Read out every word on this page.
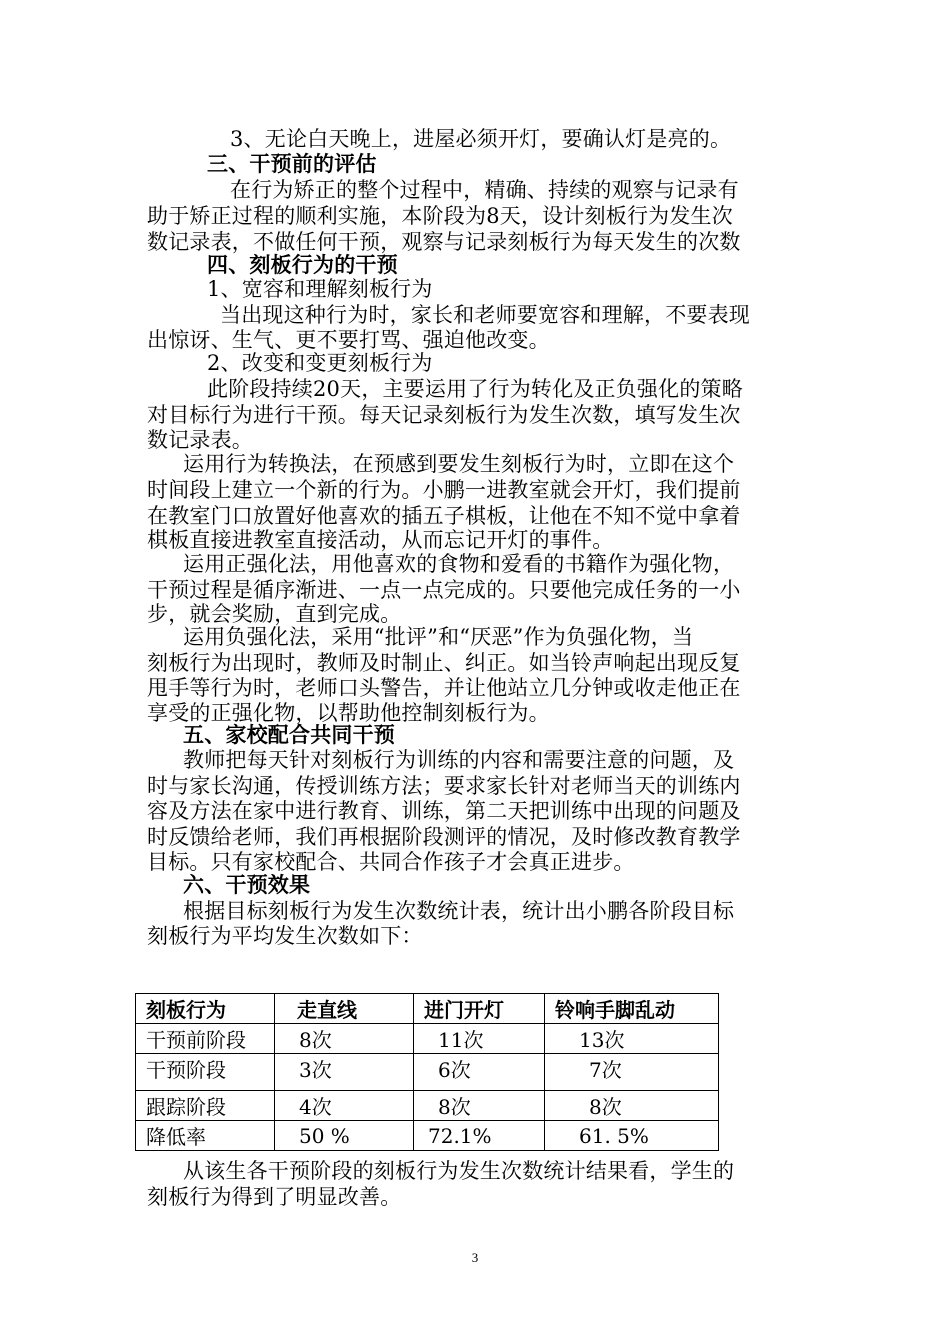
3、无论白天晚上，进屋必须开灯，要确认灯是亮的。
三、干预前的评估
在行为矫正的整个过程中，精确、持续的观察与记录有
助于矫正过程的顺利实施，本阶段为8天，设计刻板行为发生次
数记录表，不做任何干预，观察与记录刻板行为每天发生的次数
四、刻板行为的干预
1、宽容和理解刻板行为
当出现这种行为时，家长和老师要宽容和理解，不要表现
出惊讶、生气、更不要打骂、强迫他改变。
2、改变和变更刻板行为
此阶段持续20天，主要运用了行为转化及正负强化的策略
对目标行为进行干预。每天记录刻板行为发生次数，填写发生次
数记录表。
运用行为转换法，在预感到要发生刻板行为时，立即在这个
时间段上建立一个新的行为。小鹏一进教室就会开灯，我们提前
在教室门口放置好他喜欢的插五子棋板，让他在不知不觉中拿着
棋板直接进教室直接活动，从而忘记开灯的事件。
运用正强化法，用他喜欢的食物和爱看的书籍作为强化物，
干预过程是循序渐进、一点一点完成的。只要他完成任务的一小
步，就会奖励，直到完成。
运用负强化法，采用“批评”和“厌恶”作为负强化物，当
刻板行为出现时，教师及时制止、纠正。如当铃声响起出现反复
甩手等行为时，老师口头警告，并让他站立几分钟或收走他正在
享受的正强化物，以帮助他控制刻板行为。
五、家校配合共同干预
教师把每天针对刻板行为训练的内容和需要注意的问题，及
时与家长沟通，传授训练方法；要求家长针对老师当天的训练内
容及方法在家中进行教育、训练，第二天把训练中出现的问题及
时反馈给老师，我们再根据阶段测评的情况，及时修改教育教学
目标。只有家校配合、共同合作孩子才会真正进步。
六、干预效果
根据目标刻板行为发生次数统计表，统计出小鹏各阶段目标
刻板行为平均发生次数如下：
刻板行为	走直线	进门开灯	铃响手脚乱动
干预前阶段	8次	11次	13次
干预阶段	3次	6次	7次
跟踪阶段	4次	8次	8次
降低率	50 %	72.1%	61. 5%
从该生各干预阶段的刻板行为发生次数统计结果看，学生的
刻板行为得到了明显改善。
3
